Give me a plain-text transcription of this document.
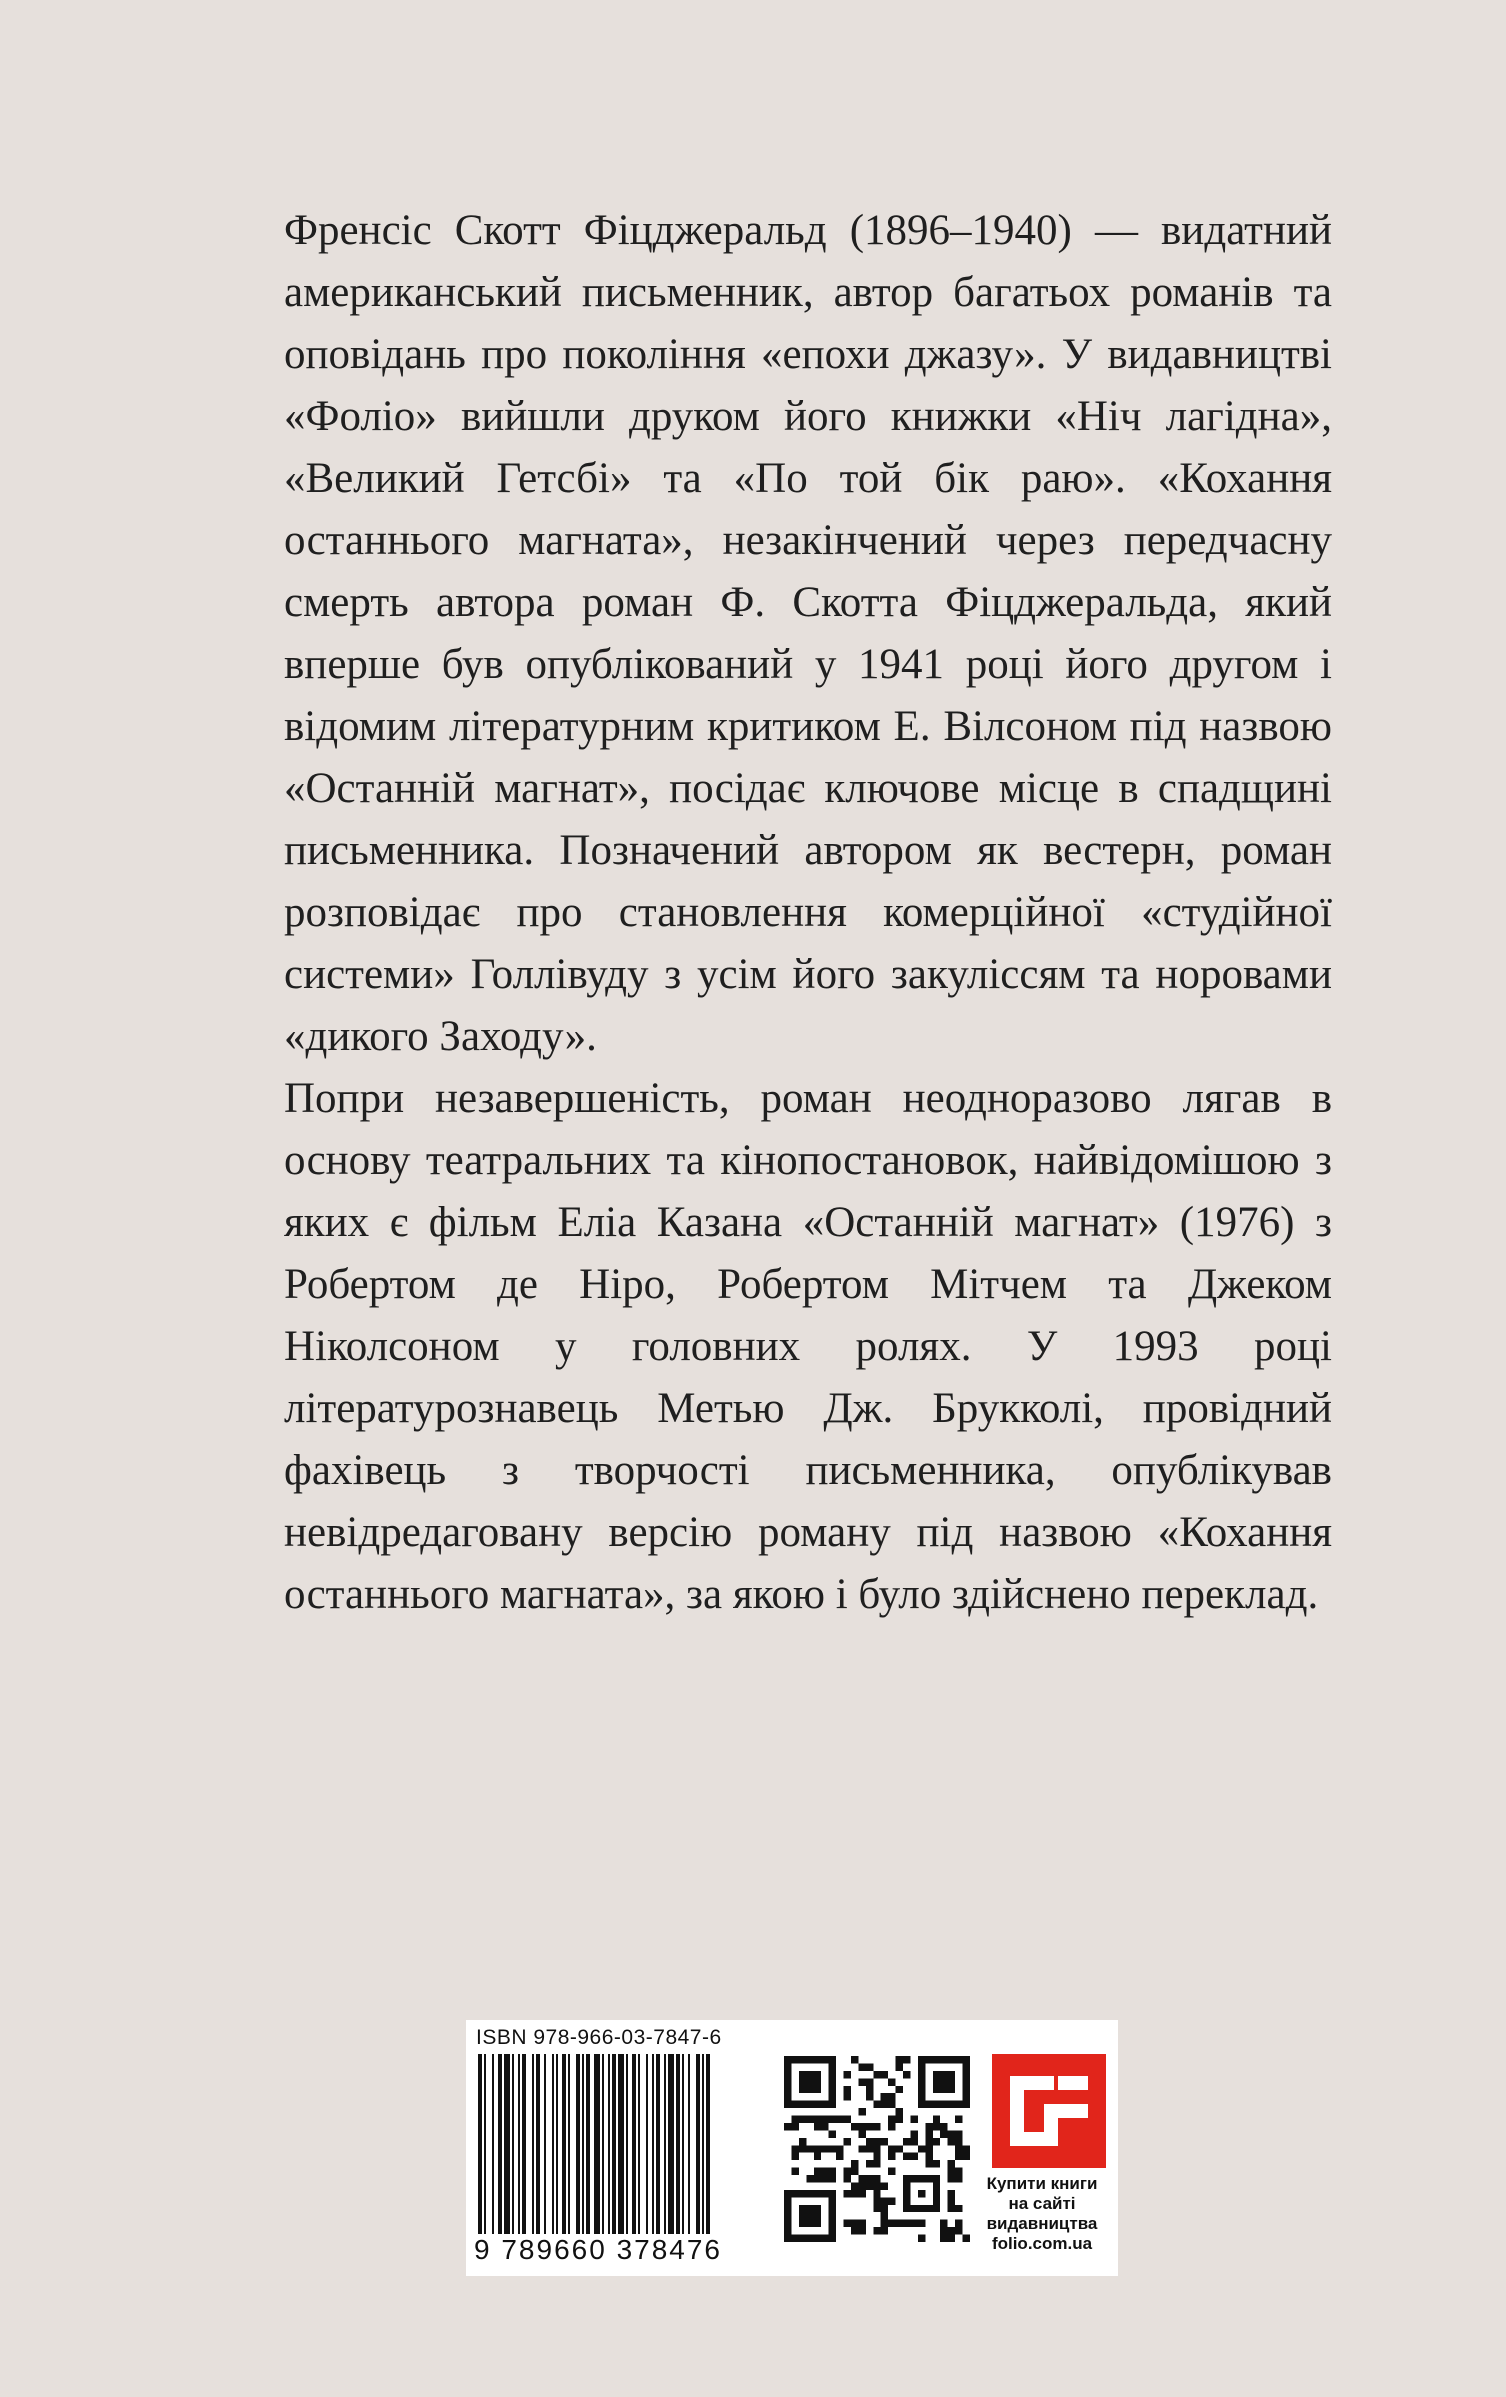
Френсіс Скотт Фіцджеральд (1896–1940) — видатний американський письменник, автор багатьох романів та оповідань про покоління «епохи джазу». У видавництві «Фоліо» вийшли друком його книжки «Ніч лагідна», «Великий Гетсбі» та «По той бік раю». «Кохання останнього магната», незакінчений через передчасну смерть автора роман Ф. Скотта Фіцджеральда, який вперше був опублікований у 1941 році його другом і відомим літературним критиком Е. Вілсоном під назвою «Останній магнат», посідає ключове місце в спадщині письменника. Позначений автором як вестерн, роман розповідає про становлення комерційної «студійної системи» Голлівуду з усім його закуліссям та норовами «дикого Заходу».

Попри незавершеність, роман неодноразово лягав в основу театральних та кінопостановок, найвідомішою з яких є фільм Еліа Казана «Останній магнат» (1976) з Робертом де Ніро, Робертом Мітчем та Джеком Ніколсоном у головних ролях. У 1993 році літературознавець Метью Дж. Брукколі, провідний фахівець з творчості письменника, опублікував невідредаговану версію роману під назвою «Кохання останнього магната», за якою і було здійснено переклад.

ISBN 978-966-03-7847-6
9 789660 378476
Купити книги
на сайті
видавництва
folio.com.ua
